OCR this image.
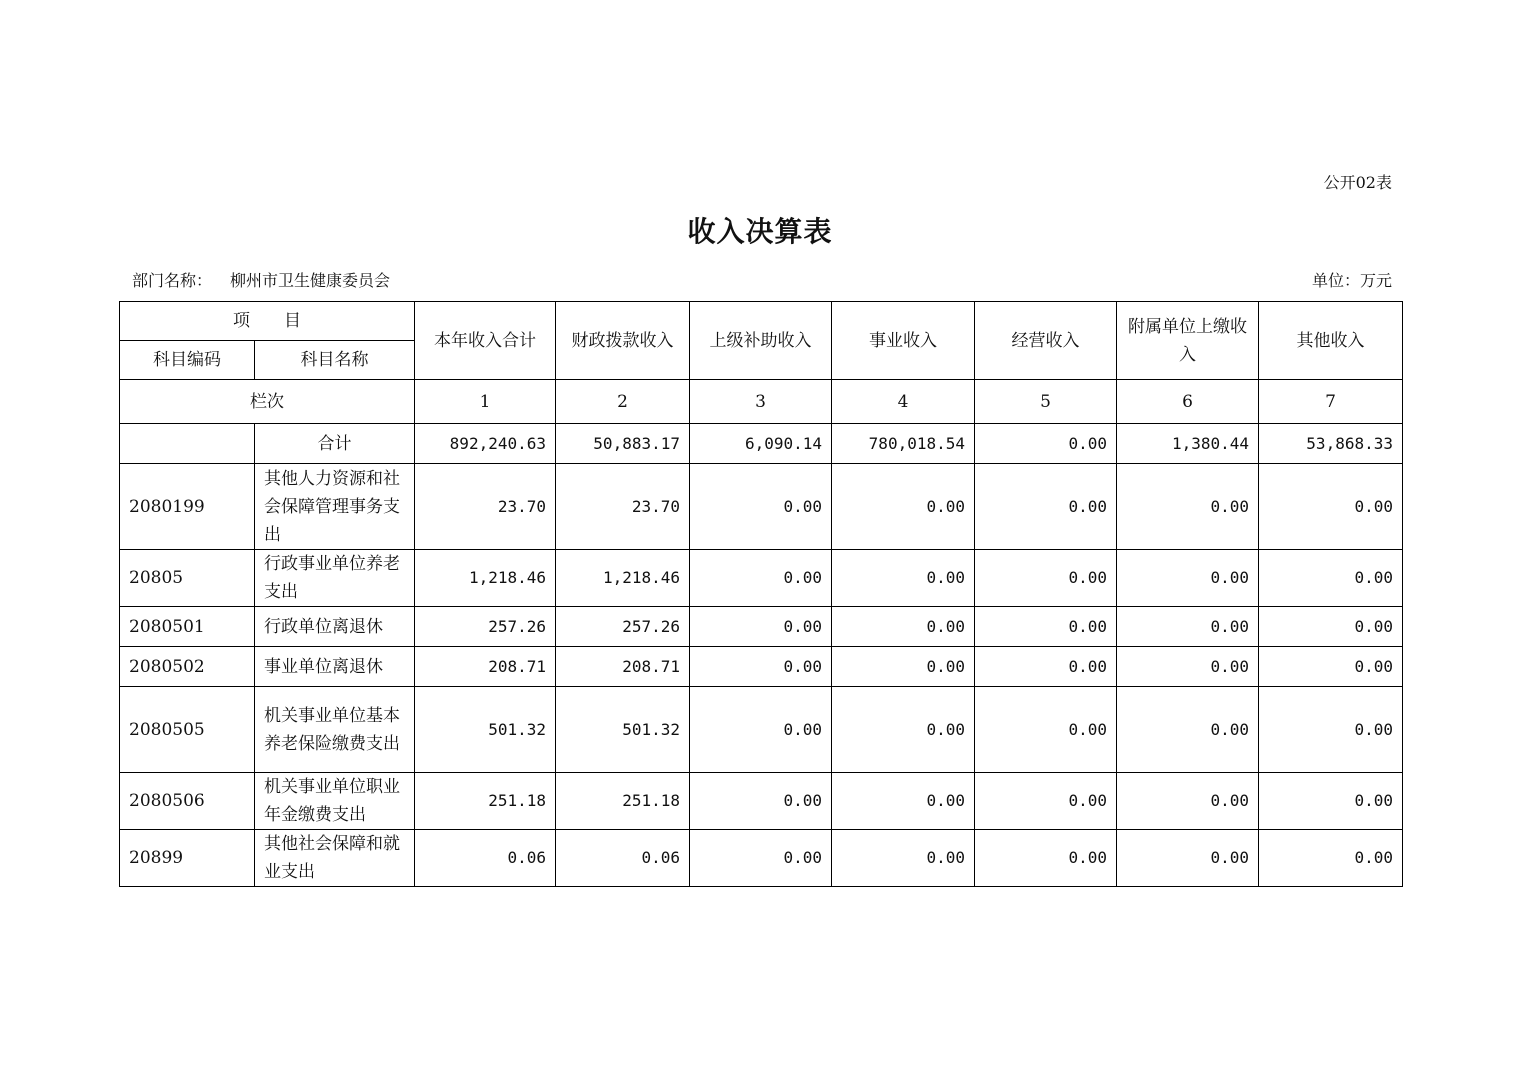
公开02表
收入决算表
部门名称： 柳州市卫生健康委员会	单位：万元
项　　目		本年收入合计	财政拨款收入	上级补助收入	事业收入	经营收入	附属单位上缴收入	其他收入
科目编码	科目名称							
栏次		1	2	3	4	5	6	7
	合计	892,240.63	50,883.17	6,090.14	780,018.54	0.00	1,380.44	53,868.33
2080199	其他人力资源和社会保障管理事务支出	23.70	23.70	0.00	0.00	0.00	0.00	0.00
20805	行政事业单位养老支出	1,218.46	1,218.46	0.00	0.00	0.00	0.00	0.00
2080501	行政单位离退休	257.26	257.26	0.00	0.00	0.00	0.00	0.00
2080502	事业单位离退休	208.71	208.71	0.00	0.00	0.00	0.00	0.00
2080505	机关事业单位基本养老保险缴费支出	501.32	501.32	0.00	0.00	0.00	0.00	0.00
2080506	机关事业单位职业年金缴费支出	251.18	251.18	0.00	0.00	0.00	0.00	0.00
20899	其他社会保障和就业支出	0.06	0.06	0.00	0.00	0.00	0.00	0.00
